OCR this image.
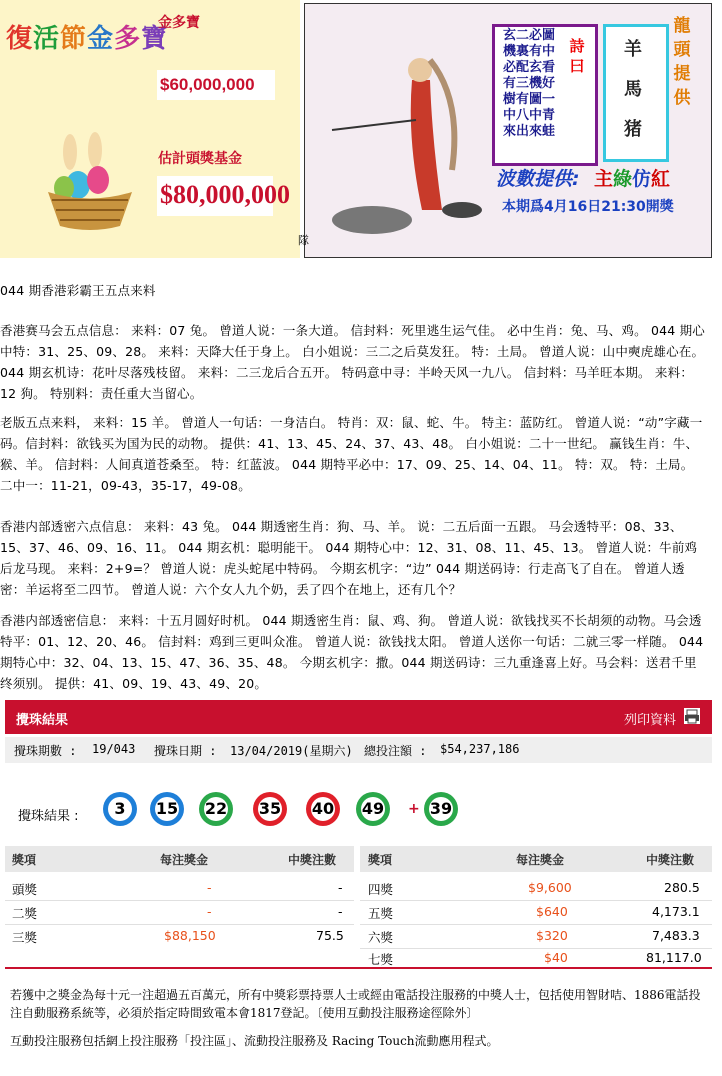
復活節金多寶
金多寶
$60,000,000
估計頭獎基金
$80,000,000
玄二必圖
機裏有中
必配玄看
有三機好
樹有圖一
中八中青
來出來蛙
詩曰
羊
馬
猪
龍頭提供
波數提供: 主綠仿紅
本期爲4月16日21:30開獎
隊
044 期香港彩霸王五点来料
香港赛马会五点信息： 来料：07 兔。 曾道人说：一条大道。 信封料：死里逃生运气佳。 必中生肖：兔、马、鸡。 044 期心中特：31、25、09、28。 来料：天降大任于身上。 白小姐说：三二之后莫发狂。 特：土局。 曾道人说：山中奭虎雄心在。 044 期玄机诗：花叶尽落残枝留。 来料：二三龙后合五开。 特码意中寻：半岭天风一九八。 信封料：马羊旺本期。 来料： 12 狗。 特别料：责任重大当留心。
老版五点来料， 来料：15 羊。 曾道人一句话：一身洁白。 特肖：双：鼠、蛇、牛。 特主：蓝防红。 曾道人说：“动”字藏一码。信封料：欲钱买为国为民的动物。 提供：41、13、45、24、37、43、48。 白小姐说：二十一世纪。 赢钱生肖：牛、猴、羊。 信封料：人间真道苍桑至。 特：红蓝波。 044 期特平必中：17、09、25、14、04、11。 特：双。 特：土局。 二中一：11-21，09-43，35-17，49-08。
香港内部透密六点信息： 来料：43 兔。 044 期透密生肖：狗、马、羊。 说：二五后面一五跟。 马会透特平：08、33、15、37、46、09、16、11。 044 期玄机：聪明能干。 044 期特心中：12、31、08、11、45、13。 曾道人说：牛前鸡后龙马现。 来料：2+9=？ 曾道人说：虎头蛇尾中特码。 今期玄机字：“边” 044 期送码诗：行走高飞了自在。 曾道人透密：羊运将至二四节。 曾道人说：六个女人九个奶，丢了四个在地上，还有几个？
香港内部透密信息： 来料：十五月圆好时机。 044 期透密生肖：鼠、鸡、狗。 曾道人说：欲钱找买不长胡须的动物。马会透特平：01、12、20、46。 信封料：鸡到三更叫众准。 曾道人说：欲钱找太阳。 曾道人送你一句话：二就三零一样随。 044 期特心中：32、04、13、15、47、36、35、48。 今期玄机字：撒。044 期送码诗：三九重逢喜上好。马会料：送君千里终须别。 提供：41、09、19、43、49、20。
攪珠結果	列印資料
攪珠期數 : 19/043 攪珠日期 : 13/04/2019(星期六) 總投注額 : $54,237,186
攪珠結果 :	3	15	22	35	40	49	39
+
獎項	每注獎金	中獎注數	獎項	每注獎金	中獎注數
頭獎	-	-
二獎	-	-
三獎	$88,150	75.5
四獎	$9,600	280.5
五獎	$640	4,173.1
六獎	$320	7,483.3
七獎	$40	81,117.0
若獲中之獎金為每十元一注超過五百萬元，所有中獎彩票持票人士或經由電話投注服務的中獎人士，包括使用智財咭、1886電話投注自動服務系統等，必須於指定時間致電本會1817登記。〔使用互動投注服務途徑除外〕
互動投注服務包括網上投注服務「投注區」、流動投注服務及 Racing Touch流動應用程式。
